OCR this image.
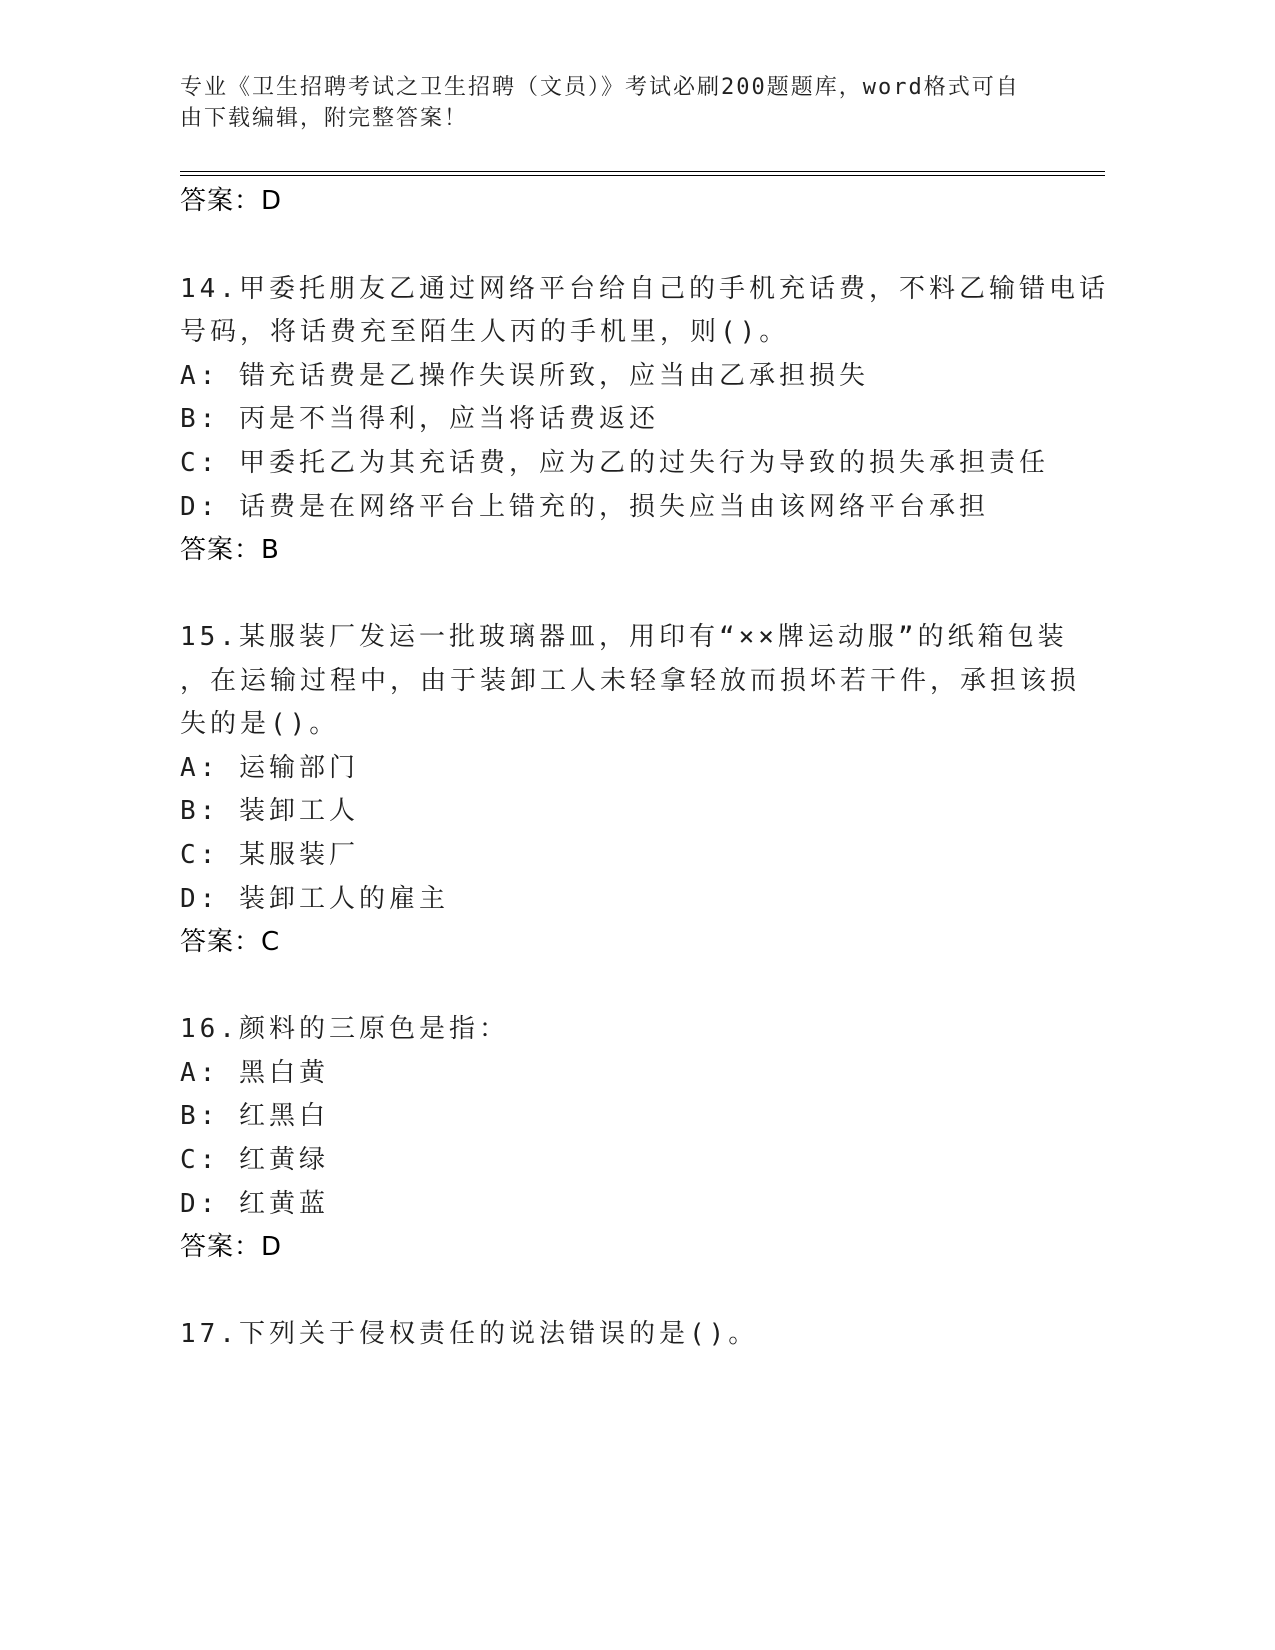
专业《卫生招聘考试之卫生招聘（文员）》考试必刷200题题库，word格式可自由下载编辑，附完整答案！
答案：D
14.甲委托朋友乙通过网络平台给自己的手机充话费，不料乙输错电话
号码，将话费充至陌生人丙的手机里，则()。
A: 错充话费是乙操作失误所致，应当由乙承担损失
B: 丙是不当得利，应当将话费返还
C: 甲委托乙为其充话费，应为乙的过失行为导致的损失承担责任
D: 话费是在网络平台上错充的，损失应当由该网络平台承担
答案：B
15.某服装厂发运一批玻璃器皿，用印有“××牌运动服”的纸箱包装
，在运输过程中，由于装卸工人未轻拿轻放而损坏若干件，承担该损
失的是()。
A: 运输部门
B: 装卸工人
C: 某服装厂
D: 装卸工人的雇主
答案：C
16.颜料的三原色是指：
A: 黑白黄
B: 红黑白
C: 红黄绿
D: 红黄蓝
答案：D
17.下列关于侵权责任的说法错误的是()。
